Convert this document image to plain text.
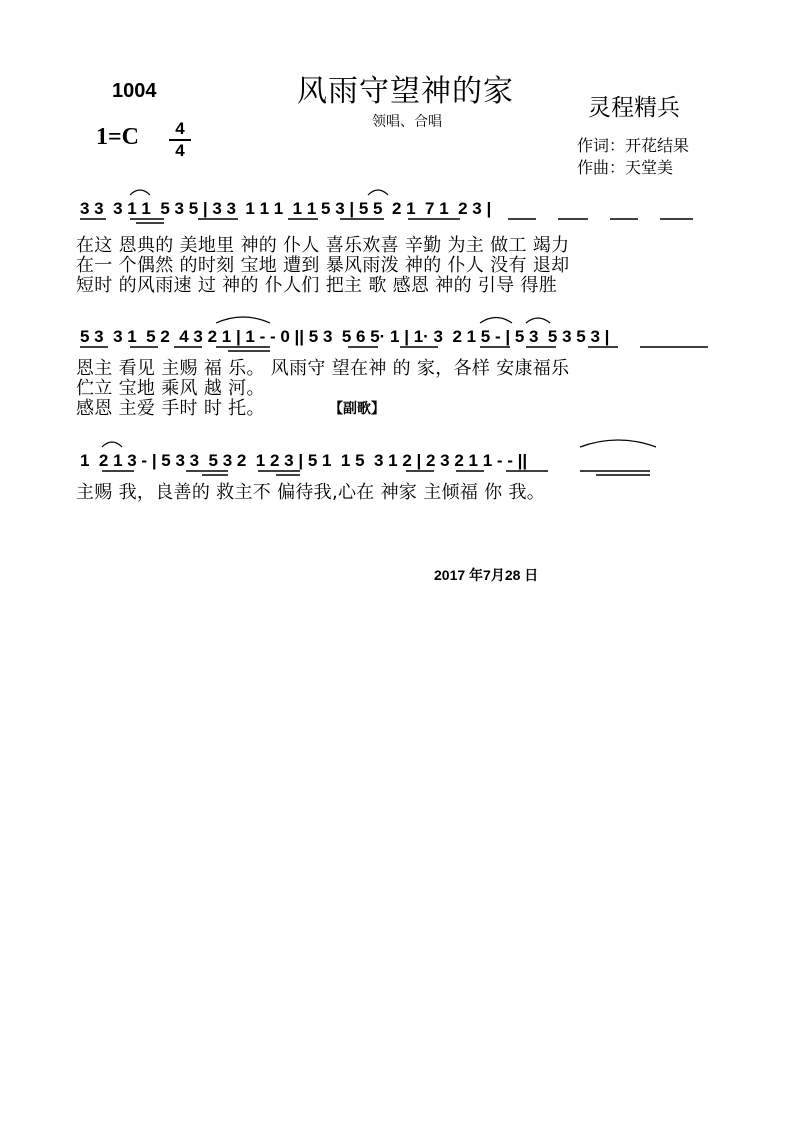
1004	风雨守望神的家
领唱、合唱
灵程精兵
作词：开花结果
作曲：天堂美
1=C	4
4
3 3  3 1 1  5 3 5 | 3 3  1 1 1  1 1 5 3 | 5 5  2 1  7 1  2 3 |
在这 恩典的 美地里 神的 仆人 喜乐欢喜 辛勤 为主 做工 竭力
在一 个偶然 的时刻 宝地 遭到 暴风雨泼 神的 仆人 没有 退却
短时 的风雨速 过 神的 仆人们 把主 歌 感恩 神的 引导 得胜
5 3  3 1  5 2  4 3 2 1 | 1 - - 0 || 5 3  5 6 5· 1 | 1· 3  2 1 5 - | 5 3  5 3 5 3 |
恩主 看见 主赐 福 乐。 风雨守 望在神 的 家，各样 安康福乐
伫立 宝地 乘风 越 河。
感恩 主爱 手时 时 托。	【副歌】
1  2 1 3 - | 5 3 3  5 3 2  1 2 3 | 5 1  1 5  3 1 2 | 2 3 2 1 1 - - ||
主赐 我，良善的 救主不 偏待我,心在 神家 主倾福 你 我。
2017 年7月28 日
